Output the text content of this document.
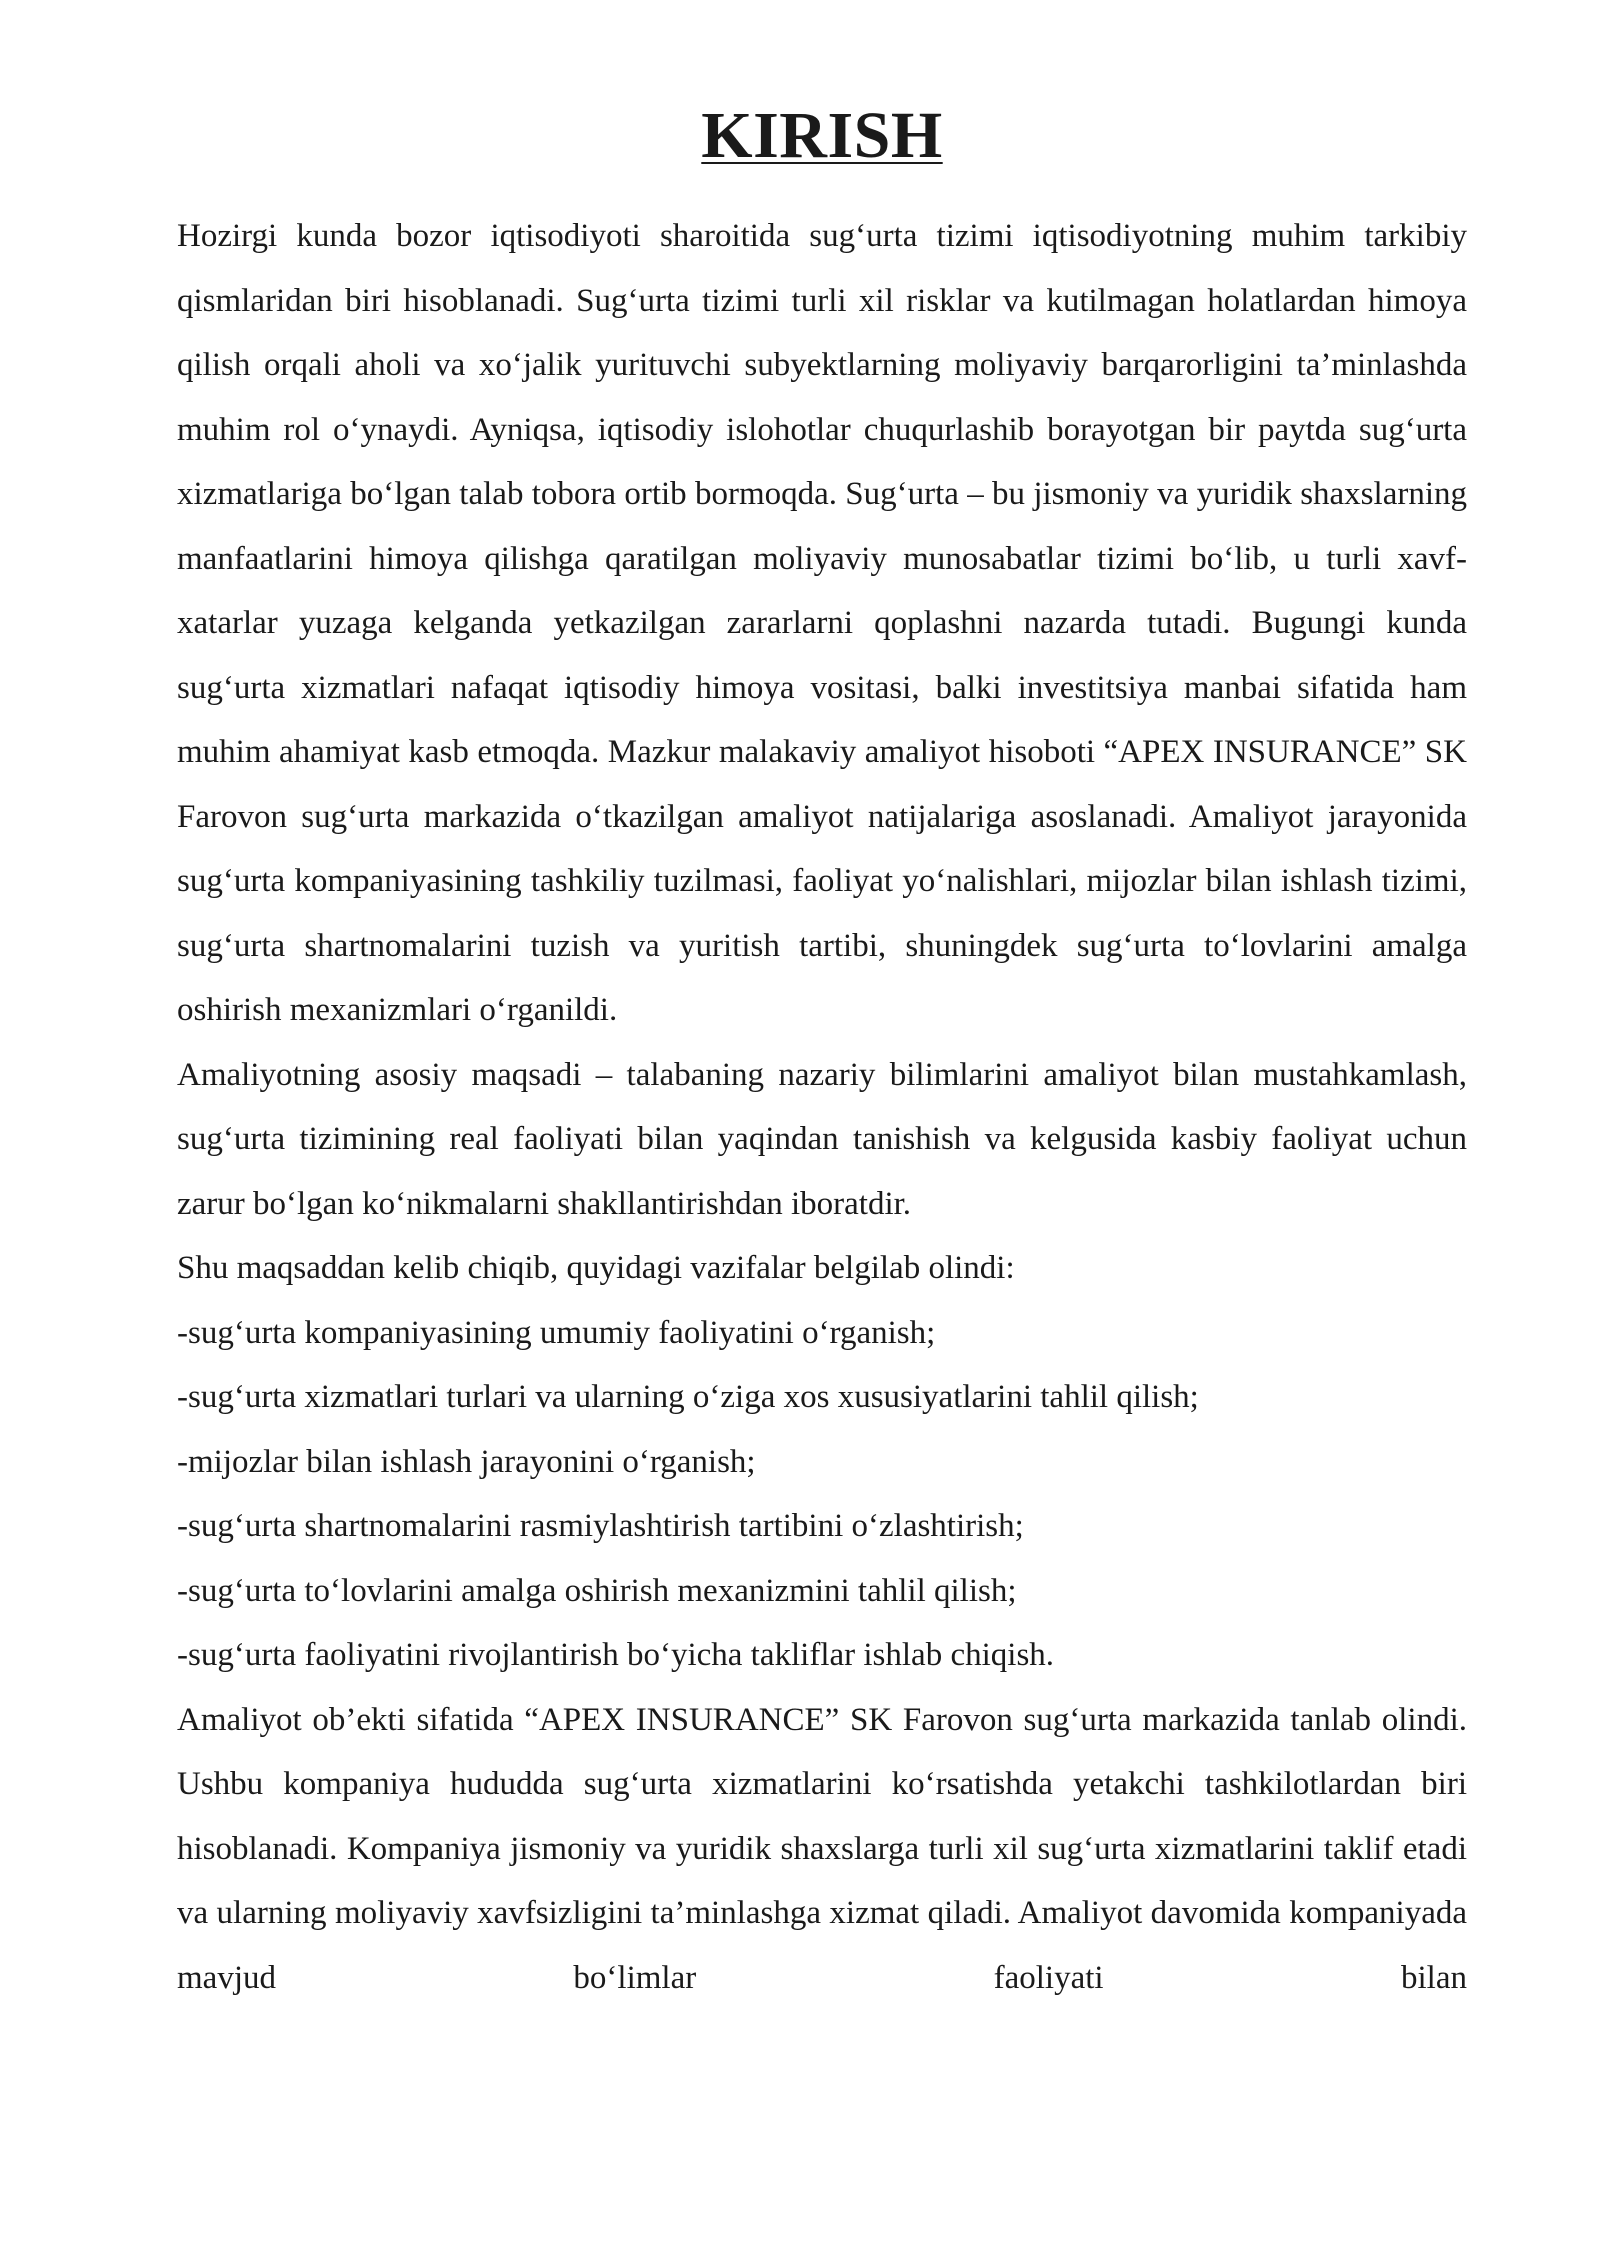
KIRISH

Hozirgi kunda bozor iqtisodiyoti sharoitida sug‘urta tizimi iqtisodiyotning muhim tarkibiy qismlaridan biri hisoblanadi. Sug‘urta tizimi turli xil risklar va kutilmagan holatlardan himoya qilish orqali aholi va xo‘jalik yurituvchi subyektlarning moliyaviy barqarorligini ta’minlashda muhim rol o‘ynaydi. Ayniqsa, iqtisodiy islohotlar chuqurlashib borayotgan bir paytda sug‘urta xizmatlariga bo‘lgan talab tobora ortib bormoqda. Sug‘urta – bu jismoniy va yuridik shaxslarning manfaatlarini himoya qilishga qaratilgan moliyaviy munosabatlar tizimi bo‘lib, u turli xavf-xatarlar yuzaga kelganda yetkazilgan zararlarni qoplashni nazarda tutadi. Bugungi kunda sug‘urta xizmatlari nafaqat iqtisodiy himoya vositasi, balki investitsiya manbai sifatida ham muhim ahamiyat kasb etmoqda. Mazkur malakaviy amaliyot hisoboti “APEX INSURANCE” SK Farovon sug‘urta markazida o‘tkazilgan amaliyot natijalariga asoslanadi. Amaliyot jarayonida sug‘urta kompaniyasining tashkiliy tuzilmasi, faoliyat yo‘nalishlari, mijozlar bilan ishlash tizimi, sug‘urta shartnomalarini tuzish va yuritish tartibi, shuningdek sug‘urta to‘lovlarini amalga oshirish mexanizmlari o‘rganildi.

Amaliyotning asosiy maqsadi – talabaning nazariy bilimlarini amaliyot bilan mustahkamlash, sug‘urta tizimining real faoliyati bilan yaqindan tanishish va kelgusida kasbiy faoliyat uchun zarur bo‘lgan ko‘nikmalarni shakllantirishdan iboratdir.

Shu maqsaddan kelib chiqib, quyidagi vazifalar belgilab olindi:

-sug‘urta kompaniyasining umumiy faoliyatini o‘rganish;

-sug‘urta xizmatlari turlari va ularning o‘ziga xos xususiyatlarini tahlil qilish;

-mijozlar bilan ishlash jarayonini o‘rganish;

-sug‘urta shartnomalarini rasmiylashtirish tartibini o‘zlashtirish;

-sug‘urta to‘lovlarini amalga oshirish mexanizmini tahlil qilish;

-sug‘urta faoliyatini rivojlantirish bo‘yicha takliflar ishlab chiqish.

Amaliyot ob’ekti sifatida “APEX INSURANCE” SK Farovon sug‘urta markazida tanlab olindi. Ushbu kompaniya hududda sug‘urta xizmatlarini ko‘rsatishda yetakchi tashkilotlardan biri hisoblanadi. Kompaniya jismoniy va yuridik shaxslarga turli xil sug‘urta xizmatlarini taklif etadi va ularning moliyaviy xavfsizligini ta’minlashga xizmat qiladi. Amaliyot davomida kompaniyada mavjud bo‘limlar faoliyati bilan
